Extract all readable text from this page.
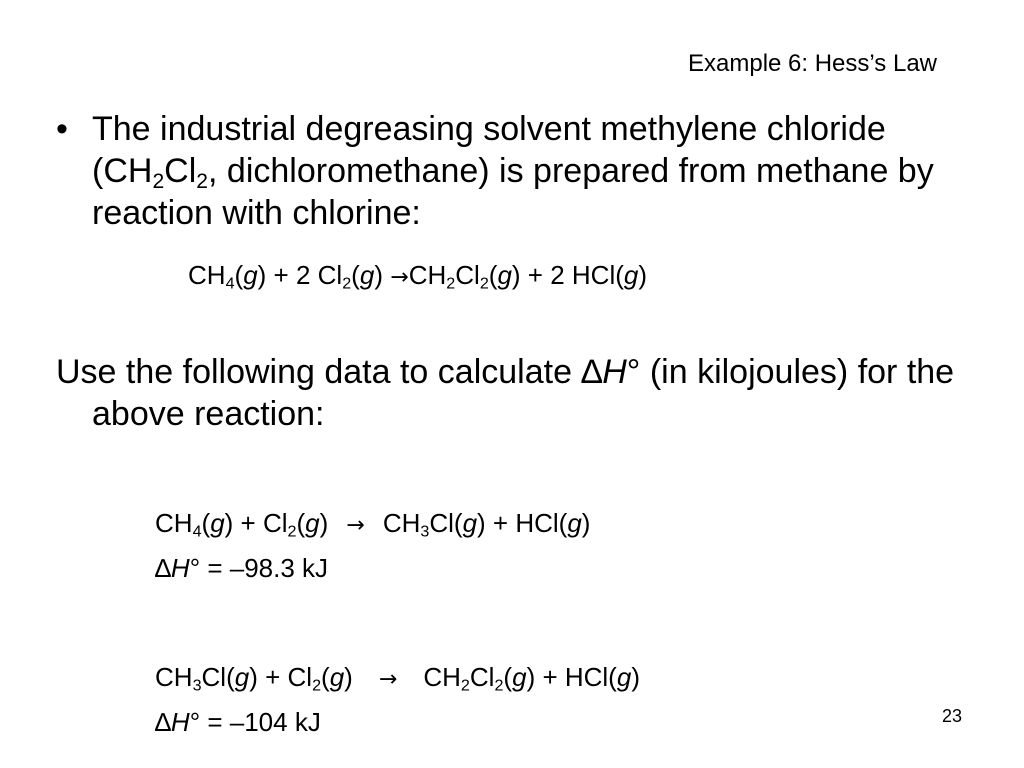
Example 6: Hess’s Law
• The industrial degreasing solvent methylene chloride ($CH_2Cl_2$, dichloromethane) is prepared from methane by reaction with chlorine:
$CH_4(g) + 2$ $Cl_2(g) \to CH_2Cl_2(g) + 2$ HCl(g)
Use the following data to calculate ∆H° (in kilojoules) for the above reaction:
$CH_4(g) + Cl_2(g) \to CH_3Cl(g) + HCl(g)$
∆H° = –98.3 kJ
$CH_3Cl(g) + Cl_2(g) \to CH_2Cl_2(g) + HCl(g)$
∆H° = –104 kJ	23
